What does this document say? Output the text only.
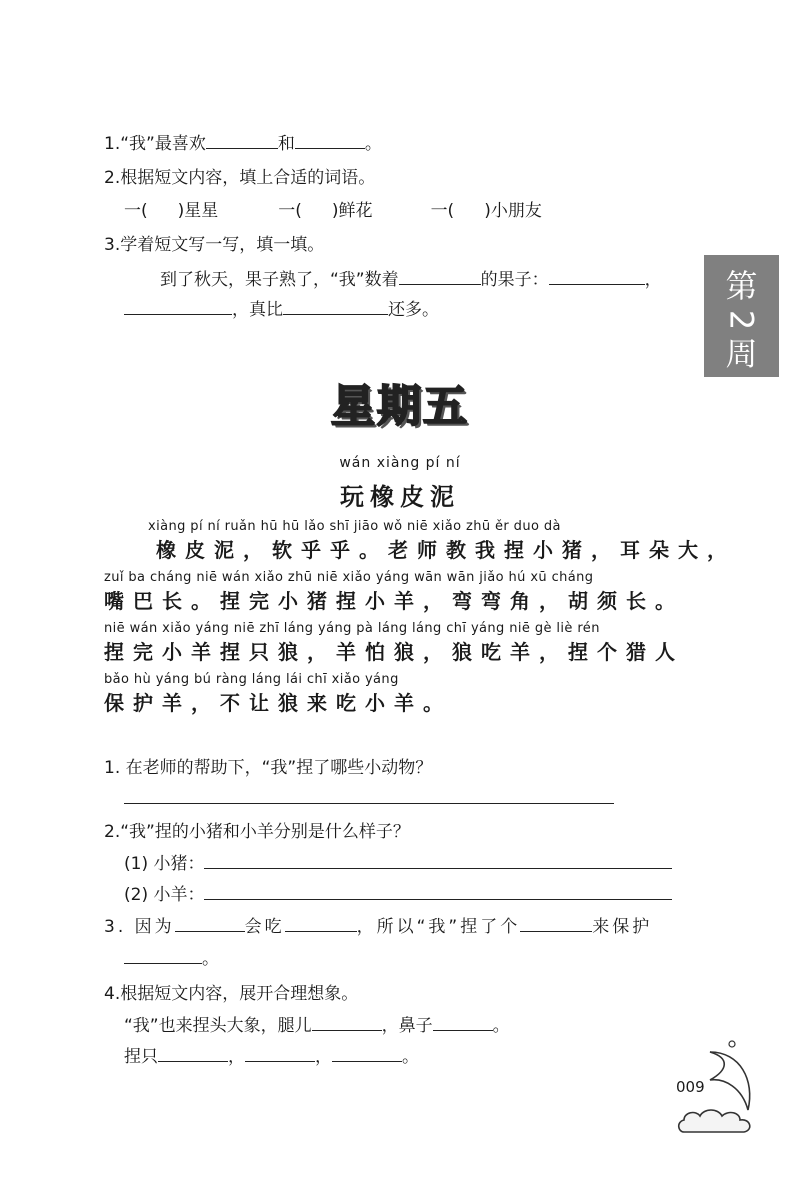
1.“我”最喜欢	和	。
2.根据短文内容，填上合适的词语。
一( )星星	一( )鲜花	一( )小朋友
3.学着短文写一写，填一填。
到了秋天，果子熟了，“我”数着	的果子：	，
，真比	还多。
第
2
周
星期五
wán xiàng pí ní
玩橡皮泥
xiàng pí ní ruǎn hū hū lǎo shī jiāo wǒ niē xiǎo zhū ěr duo dà
橡皮泥，软乎乎。老师教我捏小猪，耳朵大，
zuǐ ba cháng niē wán xiǎo zhū niē xiǎo yáng wān wān jiǎo hú xū cháng
嘴巴长。捏完小猪捏小羊，弯弯角，胡须长。
niē wán xiǎo yáng niē zhī láng yáng pà láng láng chī yáng niē gè liè rén
捏完小羊捏只狼，羊怕狼，狼吃羊，捏个猎人
bǎo hù yáng bú ràng láng lái chī xiǎo yáng
保护羊，不让狼来吃小羊。
1. 在老师的帮助下，“我”捏了哪些小动物？
2.“我”捏的小猪和小羊分别是什么样子？
(1) 小猪：
(2) 小羊：
3. 因为	会吃	，所以“我”捏了个	来保护
。
4.根据短文内容，展开合理想象。
“我”也来捏头大象，腿儿	，鼻子	。
捏只	，	，	。
009
